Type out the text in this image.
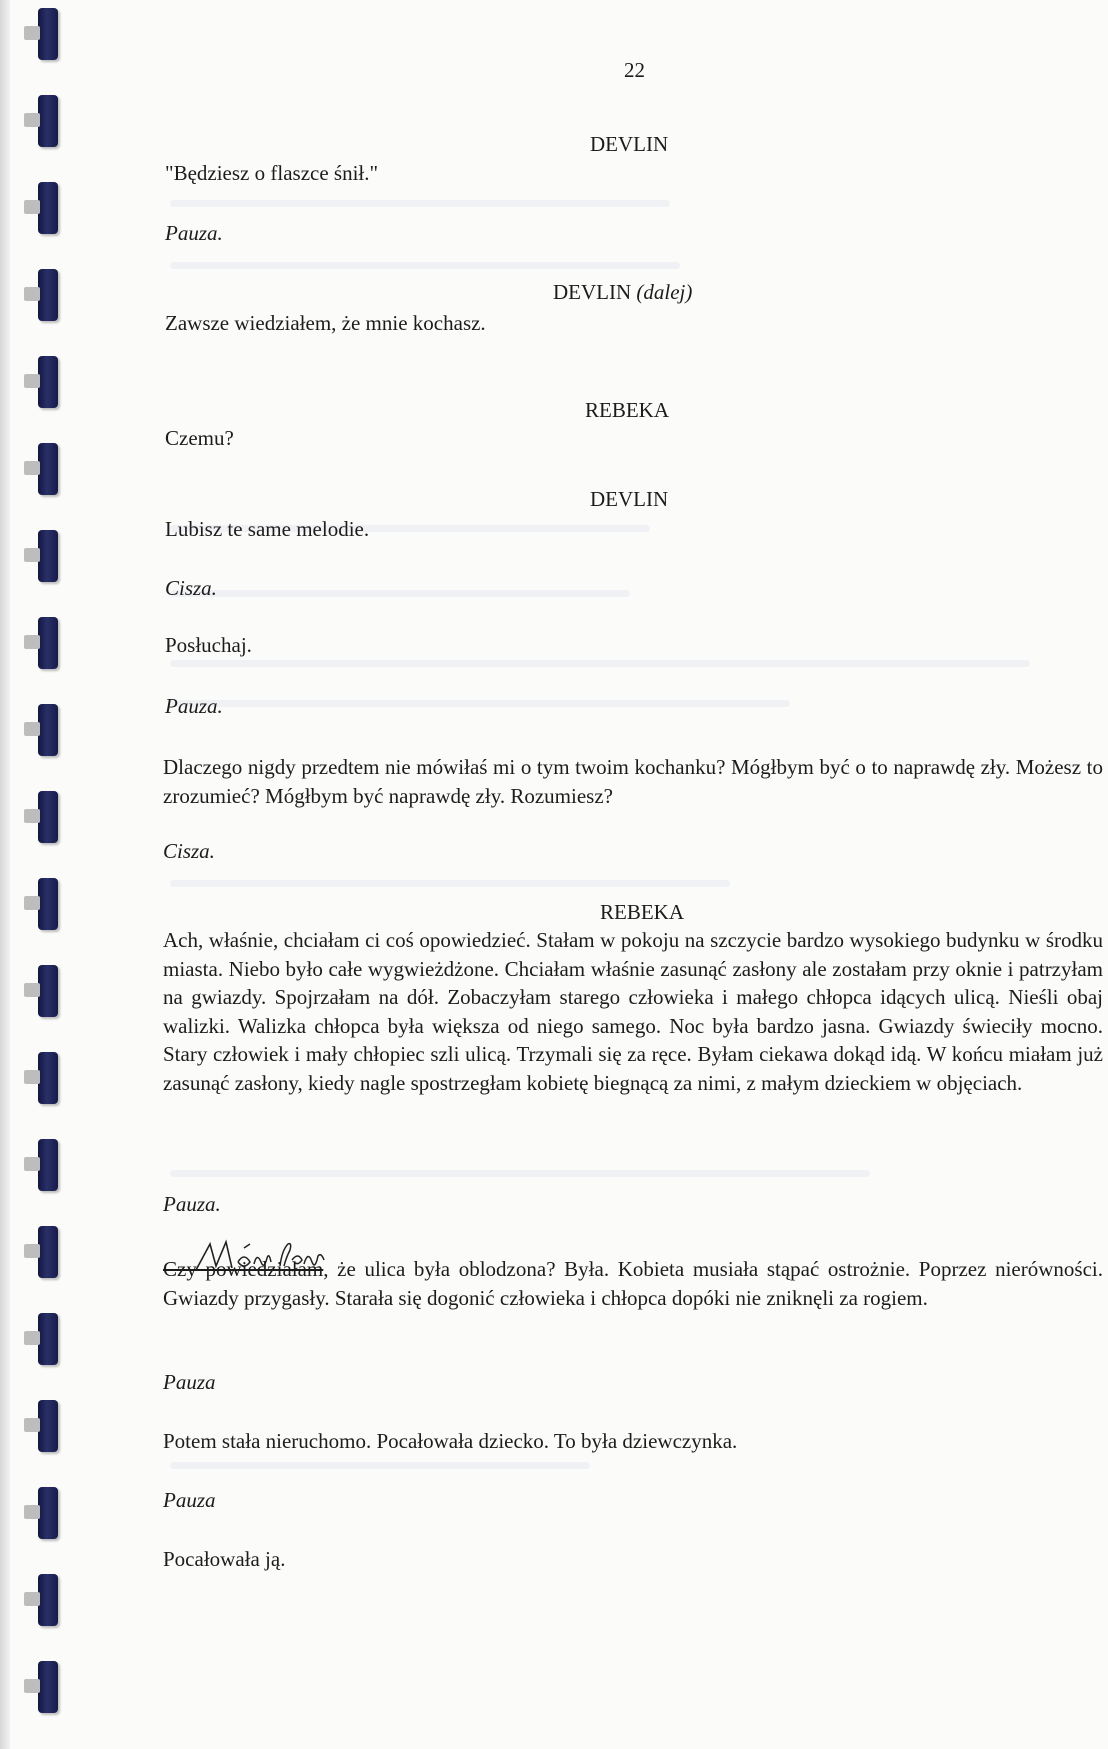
22

DEVLIN

"Będziesz o flaszce śnił."

Pauza.

DEVLIN (dalej)

Zawsze wiedziałem, że mnie kochasz.

REBEKA

Czemu?

DEVLIN

Lubisz te same melodie.

Cisza.

Posłuchaj.

Pauza.

Dlaczego nigdy przedtem nie mówiłaś mi o tym twoim kochanku? Mógłbym być o to naprawdę zły. Możesz to zrozumieć? Mógłbym być naprawdę zły. Rozumiesz?

Cisza.

REBEKA

Ach, właśnie, chciałam ci coś opowiedzieć. Stałam w pokoju na szczycie bardzo wysokiego budynku w środku miasta. Niebo było całe wygwieżdżone. Chciałam właśnie zasunąć zasłony ale zostałam przy oknie i patrzyłam na gwiazdy. Spojrzałam na dół. Zobaczyłam starego człowieka i małego chłopca idących ulicą. Nieśli obaj walizki. Walizka chłopca była większa od niego samego. Noc była bardzo jasna. Gwiazdy świeciły mocno. Stary człowiek i mały chłopiec szli ulicą. Trzymali się za ręce. Byłam ciekawa dokąd idą. W końcu miałam już zasunąć zasłony, kiedy nagle spostrzegłam kobietę biegnącą za nimi, z małym dzieckiem w objęciach.

Pauza.

Czy powiedziałam, że ulica była oblodzona? Była. Kobieta musiała stąpać ostrożnie. Poprzez nierówności. Gwiazdy przygasły. Starała się dogonić człowieka i chłopca dopóki nie zniknęli za rogiem.

Pauza

Potem stała nieruchomo. Pocałowała dziecko. To była dziewczynka.

Pauza

Pocałowała ją.
